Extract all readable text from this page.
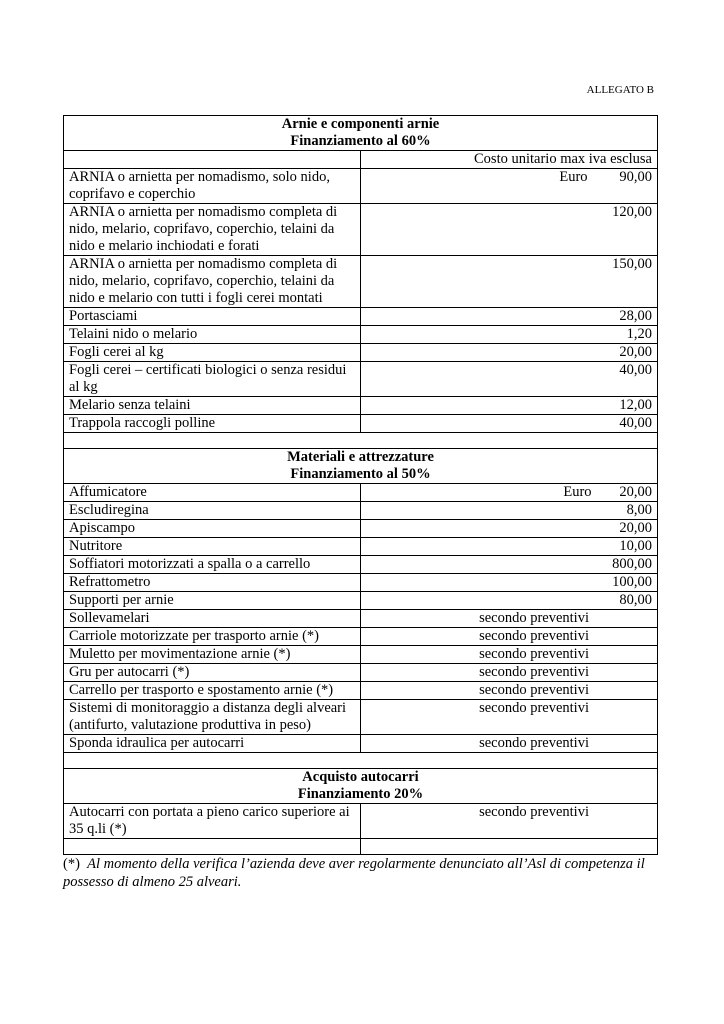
ALLEGATO B
Arnie e componenti arnie
Finanziamento al 60%	

	Costo unitario max iva esclusa
ARNIA o arnietta per nomadismo, solo nido, coprifavo e coperchio	Euro 90,00
ARNIA o arnietta per nomadismo completa di nido, melario, coprifavo, coperchio, telaini da nido e melario inchiodati e forati	120,00
ARNIA o arnietta per nomadismo completa di nido, melario, coprifavo, coperchio, telaini da nido e melario con tutti i fogli cerei montati	150,00
Portasciami	28,00
Telaini nido o melario	1,20
Fogli cerei al kg	20,00
Fogli cerei – certificati biologici o senza residui al kg	40,00
Melario senza telaini	12,00
Trappola raccogli polline	40,00

Materiali e attrezzature
Finanziamento al 50%	

Affumicatore	Euro 20,00
Escludiregina	8,00
Apiscampo	20,00
Nutritore	10,00
Soffiatori motorizzati a spalla o a carrello	800,00
Refrattometro	100,00
Supporti per arnie	80,00
Sollevamelari	secondo preventivi
Carriole motorizzate per trasporto arnie (*)	secondo preventivi
Muletto per movimentazione arnie (*)	secondo preventivi
Gru per autocarri (*)	secondo preventivi
Carrello per trasporto e spostamento arnie (*)	secondo preventivi
Sistemi di monitoraggio a distanza degli alveari (antifurto, valutazione produttiva in peso)	secondo preventivi
Sponda idraulica per autocarri	secondo preventivi

Acquisto autocarri
Finanziamento 20%	

Autocarri con portata a pieno carico superiore ai 35 q.li (*)	secondo preventivi

(*) Al momento della verifica l’azienda deve aver regolarmente denunciato all’Asl di competenza il possesso di almeno 25 alveari.
